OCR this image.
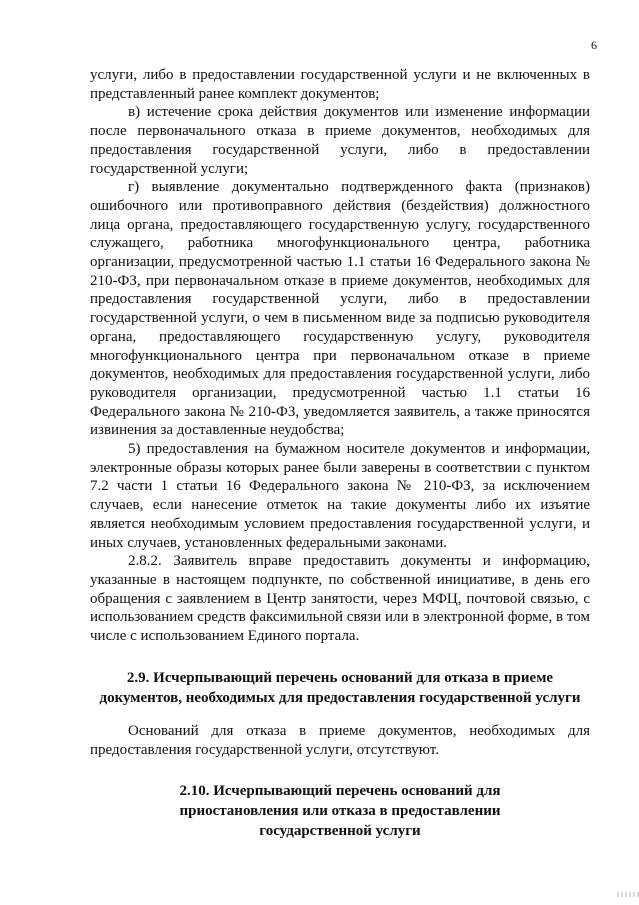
6

услуги, либо в предоставлении государственной услуги и не включенных в представленный ранее комплект документов;

в) истечение срока действия документов или изменение информации после первоначального отказа в приеме документов, необходимых для предоставления государственной услуги, либо в предоставлении государственной услуги;

г) выявление документально подтвержденного факта (признаков) ошибочного или противоправного действия (бездействия) должностного лица органа, предоставляющего государственную услугу, государственного служащего, работника многофункционального центра, работника организации, предусмотренной частью 1.1 статьи 16 Федерального закона № 210-ФЗ, при первоначальном отказе в приеме документов, необходимых для предоставления государственной услуги, либо в предоставлении государственной услуги, о чем в письменном виде за подписью руководителя органа, предоставляющего государственную услугу, руководителя многофункционального центра при первоначальном отказе в приеме документов, необходимых для предоставления государственной услуги, либо руководителя организации, предусмотренной частью 1.1 статьи 16 Федерального закона № 210-ФЗ, уведомляется заявитель, а также приносятся извинения за доставленные неудобства;

5) предоставления на бумажном носителе документов и информации, электронные образы которых ранее были заверены в соответствии с пунктом 7.2 части 1 статьи 16 Федерального закона № 210-ФЗ, за исключением случаев, если нанесение отметок на такие документы либо их изъятие является необходимым условием предоставления государственной услуги, и иных случаев, установленных федеральными законами.

2.8.2. Заявитель вправе предоставить документы и информацию, указанные в настоящем подпункте, по собственной инициативе, в день его обращения с заявлением в Центр занятости, через МФЦ, почтовой связью, с использованием средств факсимильной связи или в электронной форме, в том числе с использованием Единого портала.

2.9. Исчерпывающий перечень оснований для отказа в приеме документов, необходимых для предоставления государственной услуги

Оснований для отказа в приеме документов, необходимых для предоставления государственной услуги, отсутствуют.

2.10. Исчерпывающий перечень оснований для приостановления или отказа в предоставлении государственной услуги
